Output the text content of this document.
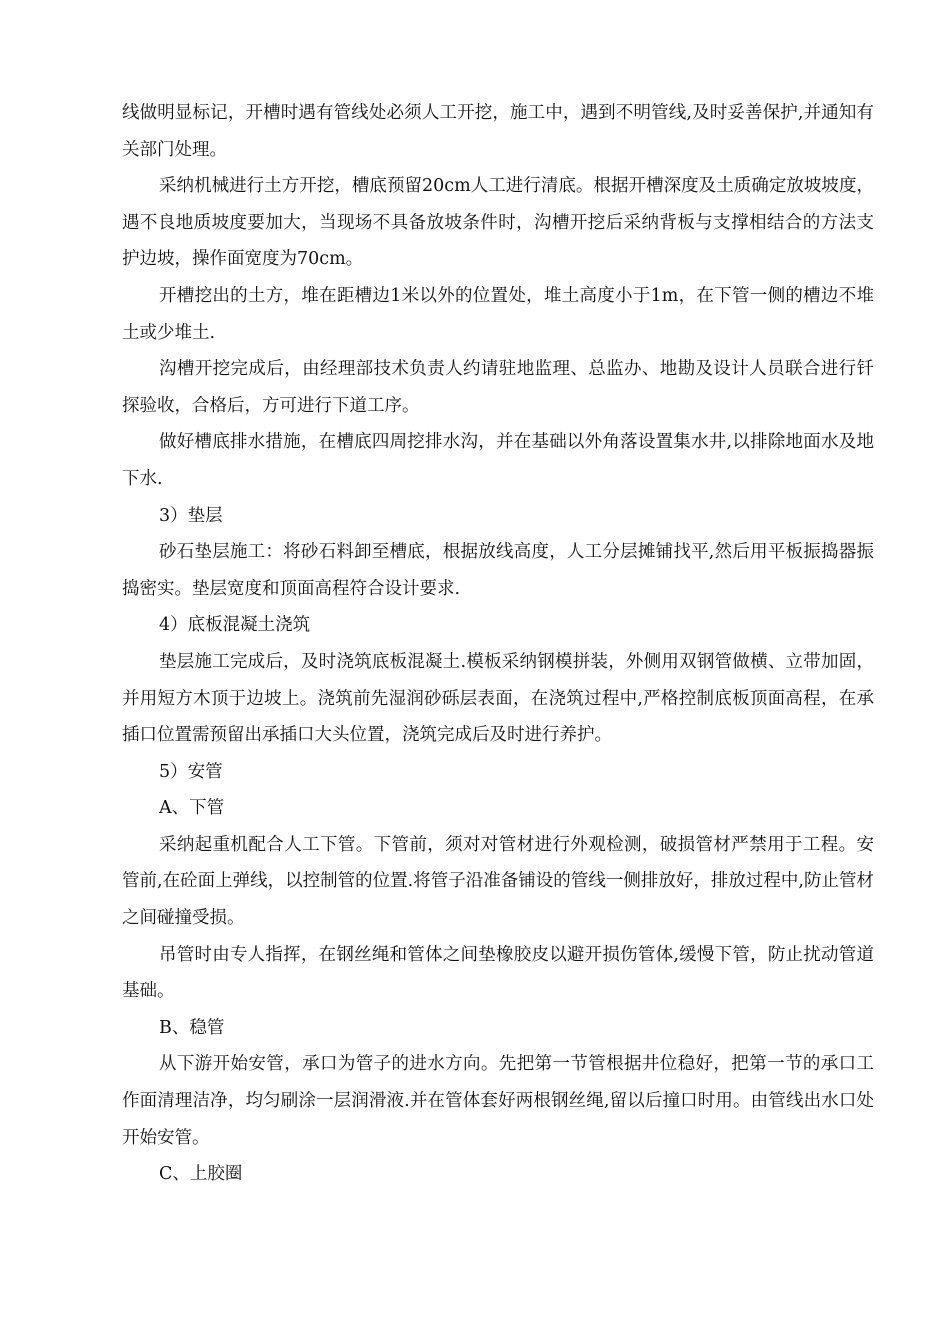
线做明显标记，开槽时遇有管线处必须人工开挖，施工中，遇到不明管线,及时妥善保护,并通知有关部门处理。

采纳机械进行土方开挖，槽底预留20cm人工进行清底。根据开槽深度及土质确定放坡坡度，遇不良地质坡度要加大，当现场不具备放坡条件时，沟槽开挖后采纳背板与支撑相结合的方法支护边坡，操作面宽度为70cm。

开槽挖出的土方，堆在距槽边1米以外的位置处，堆土高度小于1m，在下管一侧的槽边不堆土或少堆土.

沟槽开挖完成后，由经理部技术负责人约请驻地监理、总监办、地勘及设计人员联合进行钎探验收，合格后，方可进行下道工序。

做好槽底排水措施，在槽底四周挖排水沟，并在基础以外角落设置集水井,以排除地面水及地下水.

3）垫层

砂石垫层施工：将砂石料卸至槽底，根据放线高度，人工分层摊铺找平,然后用平板振捣器振捣密实。垫层宽度和顶面高程符合设计要求.

4）底板混凝土浇筑

垫层施工完成后，及时浇筑底板混凝土.模板采纳钢模拼装，外侧用双钢管做横、立带加固，并用短方木顶于边坡上。浇筑前先湿润砂砾层表面，在浇筑过程中,严格控制底板顶面高程，在承插口位置需预留出承插口大头位置，浇筑完成后及时进行养护。

5）安管

A、下管

采纳起重机配合人工下管。下管前，须对对管材进行外观检测，破损管材严禁用于工程。安管前,在砼面上弹线，以控制管的位置.将管子沿准备铺设的管线一侧排放好，排放过程中,防止管材之间碰撞受损。

吊管时由专人指挥，在钢丝绳和管体之间垫橡胶皮以避开损伤管体,缓慢下管，防止扰动管道基础。

B、稳管

从下游开始安管，承口为管子的进水方向。先把第一节管根据井位稳好，把第一节的承口工作面清理洁净，均匀刷涂一层润滑液.并在管体套好两根钢丝绳,留以后撞口时用。由管线出水口处开始安管。

C、上胶圈
